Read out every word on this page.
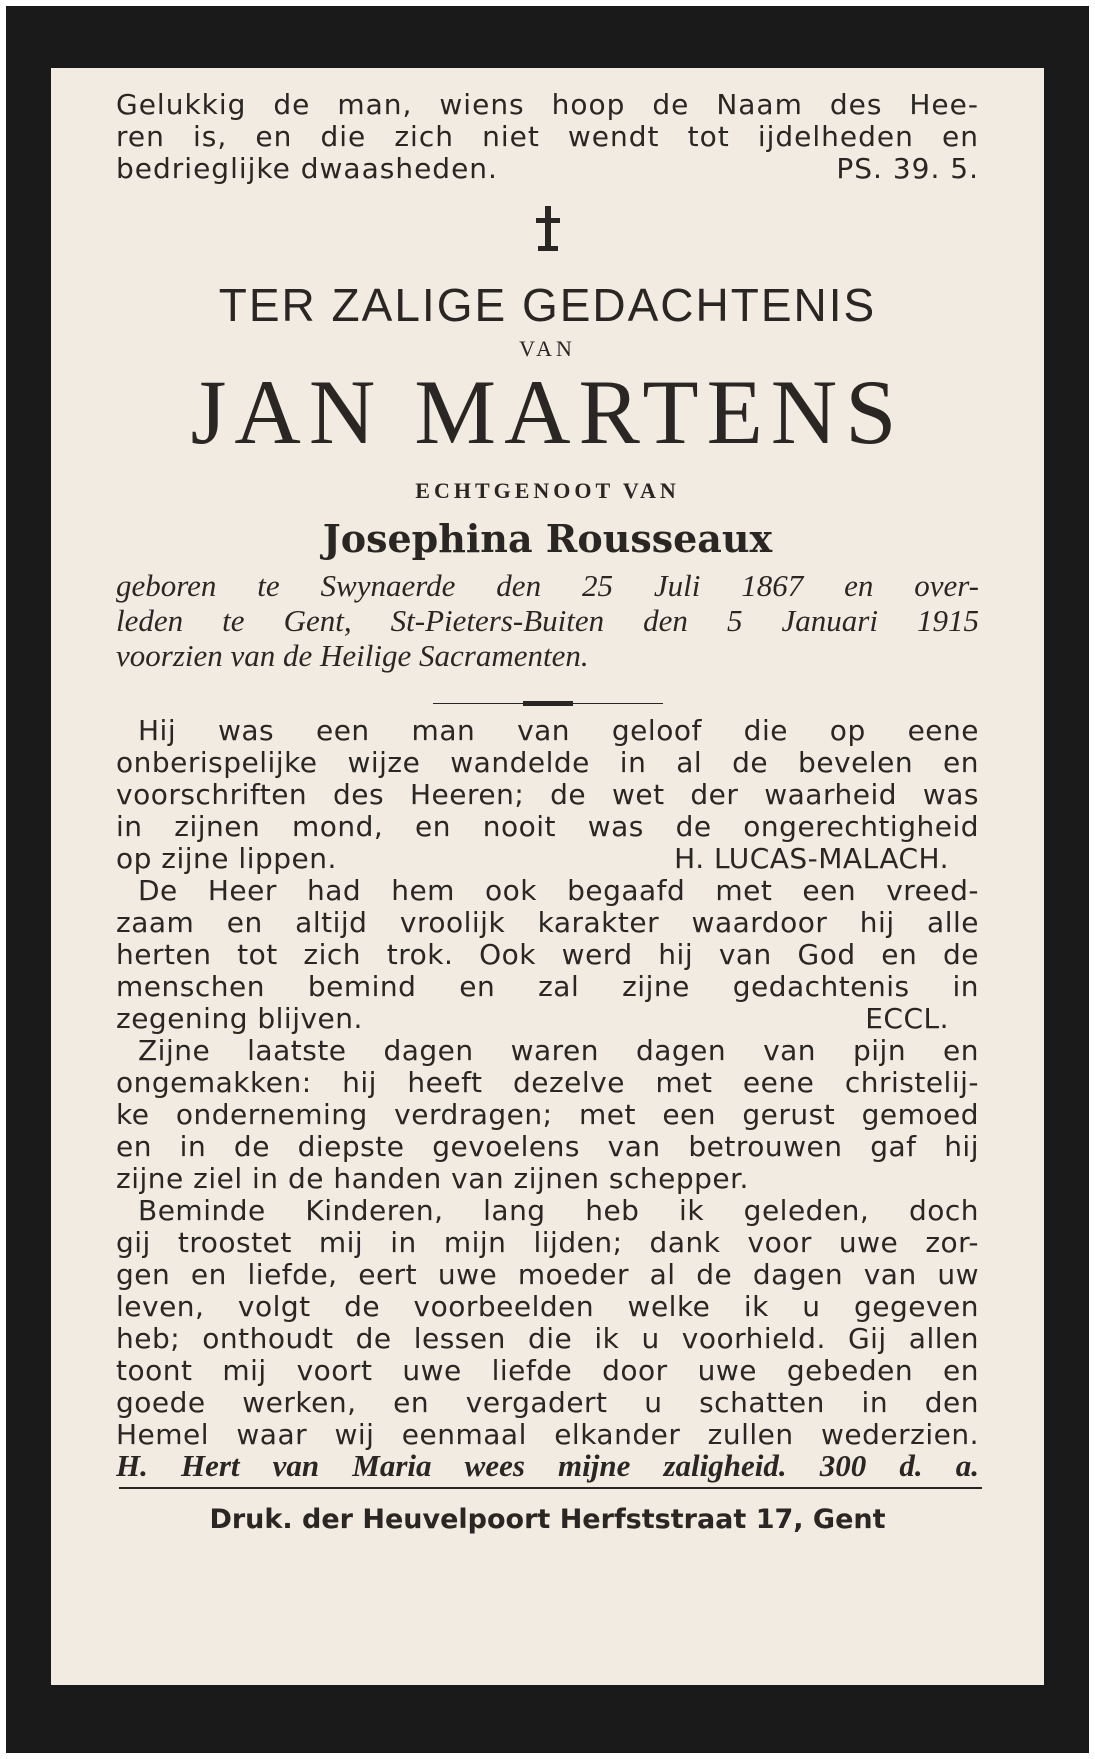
Gelukkig de man, wiens hoop de Naam des Hee-
ren is, en die zich niet wendt tot ijdelheden en
bedrieglijke dwaasheden.	PS. 39. 5.
TER ZALIGE GEDACHTENIS
VAN
JAN MARTENS
ECHTGENOOT VAN
Josephina Rousseaux
geboren te Swynaerde den 25 Juli 1867 en over-
leden te Gent, St-Pieters-Buiten den 5 Januari 1915
voorzien van de Heilige Sacramenten.
Hij was een man van geloof die op eene
onberispelijke wijze wandelde in al de bevelen en
voorschriften des Heeren; de wet der waarheid was
in zijnen mond, en nooit was de ongerechtigheid
op zijne lippen.	H. LUCAS-MALACH.
De Heer had hem ook begaafd met een vreed-
zaam en altijd vroolijk karakter waardoor hij alle
herten tot zich trok. Ook werd hij van God en de
menschen bemind en zal zijne gedachtenis in
zegening blijven.	ECCL.
Zijne laatste dagen waren dagen van pijn en
ongemakken: hij heeft dezelve met eene christelij-
ke onderneming verdragen; met een gerust gemoed
en in de diepste gevoelens van betrouwen gaf hij
zijne ziel in de handen van zijnen schepper.
Beminde Kinderen, lang heb ik geleden, doch
gij troostet mij in mijn lijden; dank voor uwe zor-
gen en liefde, eert uwe moeder al de dagen van uw
leven, volgt de voorbeelden welke ik u gegeven
heb; onthoudt de lessen die ik u voorhield. Gij allen
toont mij voort uwe liefde door uwe gebeden en
goede werken, en vergadert u schatten in den
Hemel waar wij eenmaal elkander zullen wederzien.
H. Hert van Maria wees mijne zaligheid. 300 d. a.
Druk. der Heuvelpoort Herfststraat 17, Gent
